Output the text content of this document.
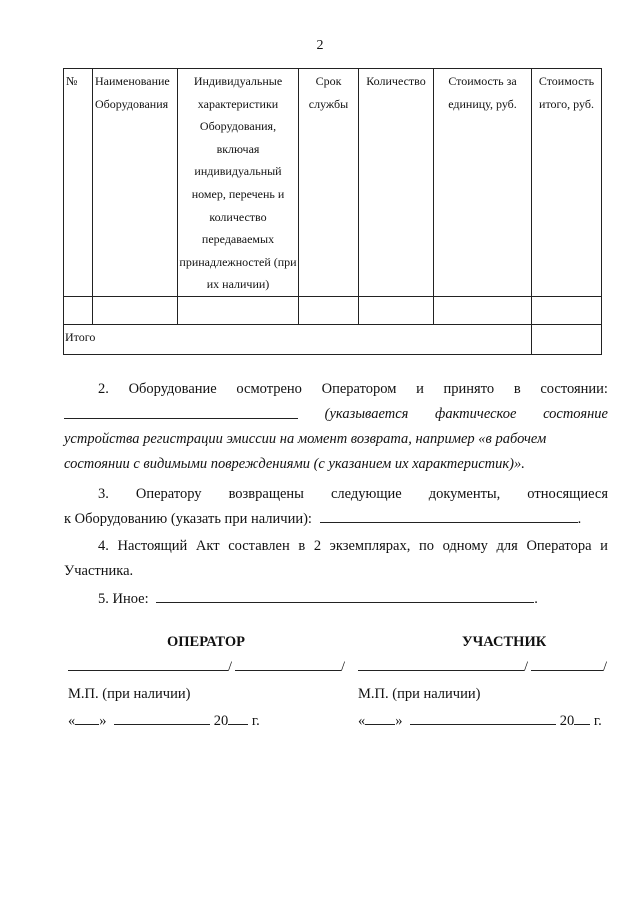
2
№	Наименование Оборудования	Индивидуальные характеристики Оборудования, включая индивидуальный номер, перечень и количество передаваемых принадлежностей (при их наличии)	Срок службы	Количество	Стоимость за единицу, руб.	Стоимость итого, руб.

Итого						
2. Оборудование осмотрено Оператором и принято в состоянии:
(указывается фактическое состояние
устройства регистрации эмиссии на момент возврата, например «в рабочем
состоянии с видимыми повреждениями (с указанием их характеристик)».
3. Оператору возвращены следующие документы, относящиеся
к Оборудованию (указать при наличии):	.
4. Настоящий Акт составлен в 2 экземплярах, по одному для Оператора и
Участника.
5. Иное:	.
ОПЕРАТОР	УЧАСТНИК
/	/	/	/
М.П. (при наличии)	М.П. (при наличии)
« »	20 г.	« »	20 г.
